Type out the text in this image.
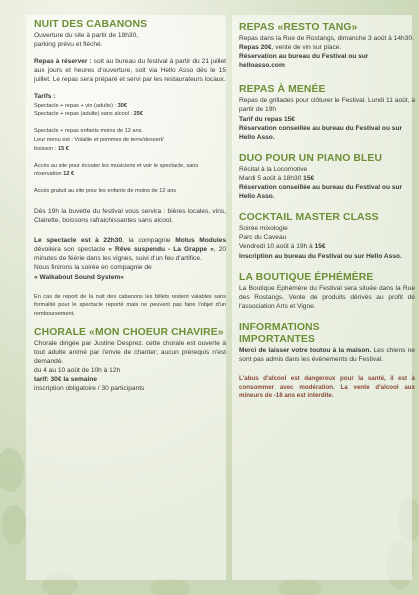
NUIT DES CABANONS

Ouverture du site à partir de 18h30,

parking prévu et fléché.

Repas à réserver : soit au bureau du festival à partir du 21 juillet aux jours et heures d'ouverture, soit via Hello Asso dès le 15 juillet. Le repas sera préparé et servi par les restaurateurs locaux.

Tarifs :

Spectacle + repas + vin (adulte) : 30€

Spectacle + repas (adulte) sans alcool : 25€

Spectacle + repas enfants moins de 12 ans.

Leur menu est : Volaille et pommes de terre/dessert/

boisson : 15 €

Accès au site pour écouter les musiciens et voir le spectacle, sans réservation 12 €

Accès gratuit au site pour les enfants de moins de 12 ans

Dès 19h la buvette du festival vous servira : bières locales, vins, Clairette, boissons rafraichissantes sans alcool.

Le spectacle est à 22h30, la compagnie Motus Modules dévoilera son spectacle « Rêve suspendu - La Grappe », 20 minutes de féérie dans les vignes, suivi d'un feu d'artifice.

Nous finirons la soirée en compagnie de

« Walkabout Sound System»

En cas de report de la nuit des cabanons les billets restent valables sans formalité pour le spectacle reporté mais ne peuvent pas faire l'objet d'un remboursement.

CHORALE «MON CHOEUR CHAVIRE»

Chorale dirigée par Justine Desprez. cette chorale est ouverte à tout adulte animé par l'envie de chanter; aucun prérequis n'est demandé.

du 4 au 10 août de 10h à 12h

tarif: 30€ la semaine

inscription obligatoire / 30 participants

REPAS «RESTO TANG»

Repas dans la Rue de Rostangs, dimanche 3 août à 14h30.

Repas 20€, vente de vin sur place.

Réservation au bureau du Festival ou sur helloasso.com

REPAS À MENÉE

Repas de grillades pour clôturer le Festival. Lundi 11 août, à partir de 19h

Tarif du repas 15€

Réservation conseillée au bureau du Festival ou sur Hello Asso.

DUO POUR UN PIANO BLEU

Récital à la Locomotive

Mardi 5 août à 18h30 15€

Réservation conseillée au bureau du Festival ou sur Hello Asso.

COCKTAIL MASTER CLASS

Soirée mixologie

Parc du Caveau

Vendredi 10 août à 19h à 15€

Inscription au bureau du Festival ou sur Hello Asso.

LA BOUTIQUE ÉPHÉMÈRE

La Boutique Ephémère du Festival sera située dans la Rue des Rostangs. Vente de produits dérivés au profit de l'association Arts et Vigne.

INFORMATIONS
IMPORTANTES

Merci de laisser votre toutou à la maison. Les chiens ne sont pas admis dans les évènements du Festival.

L'abus d'alcool est dangereux pour la santé, il est à consommer avec modération. La vente d'alcool aux mineurs de -18 ans est interdite.
